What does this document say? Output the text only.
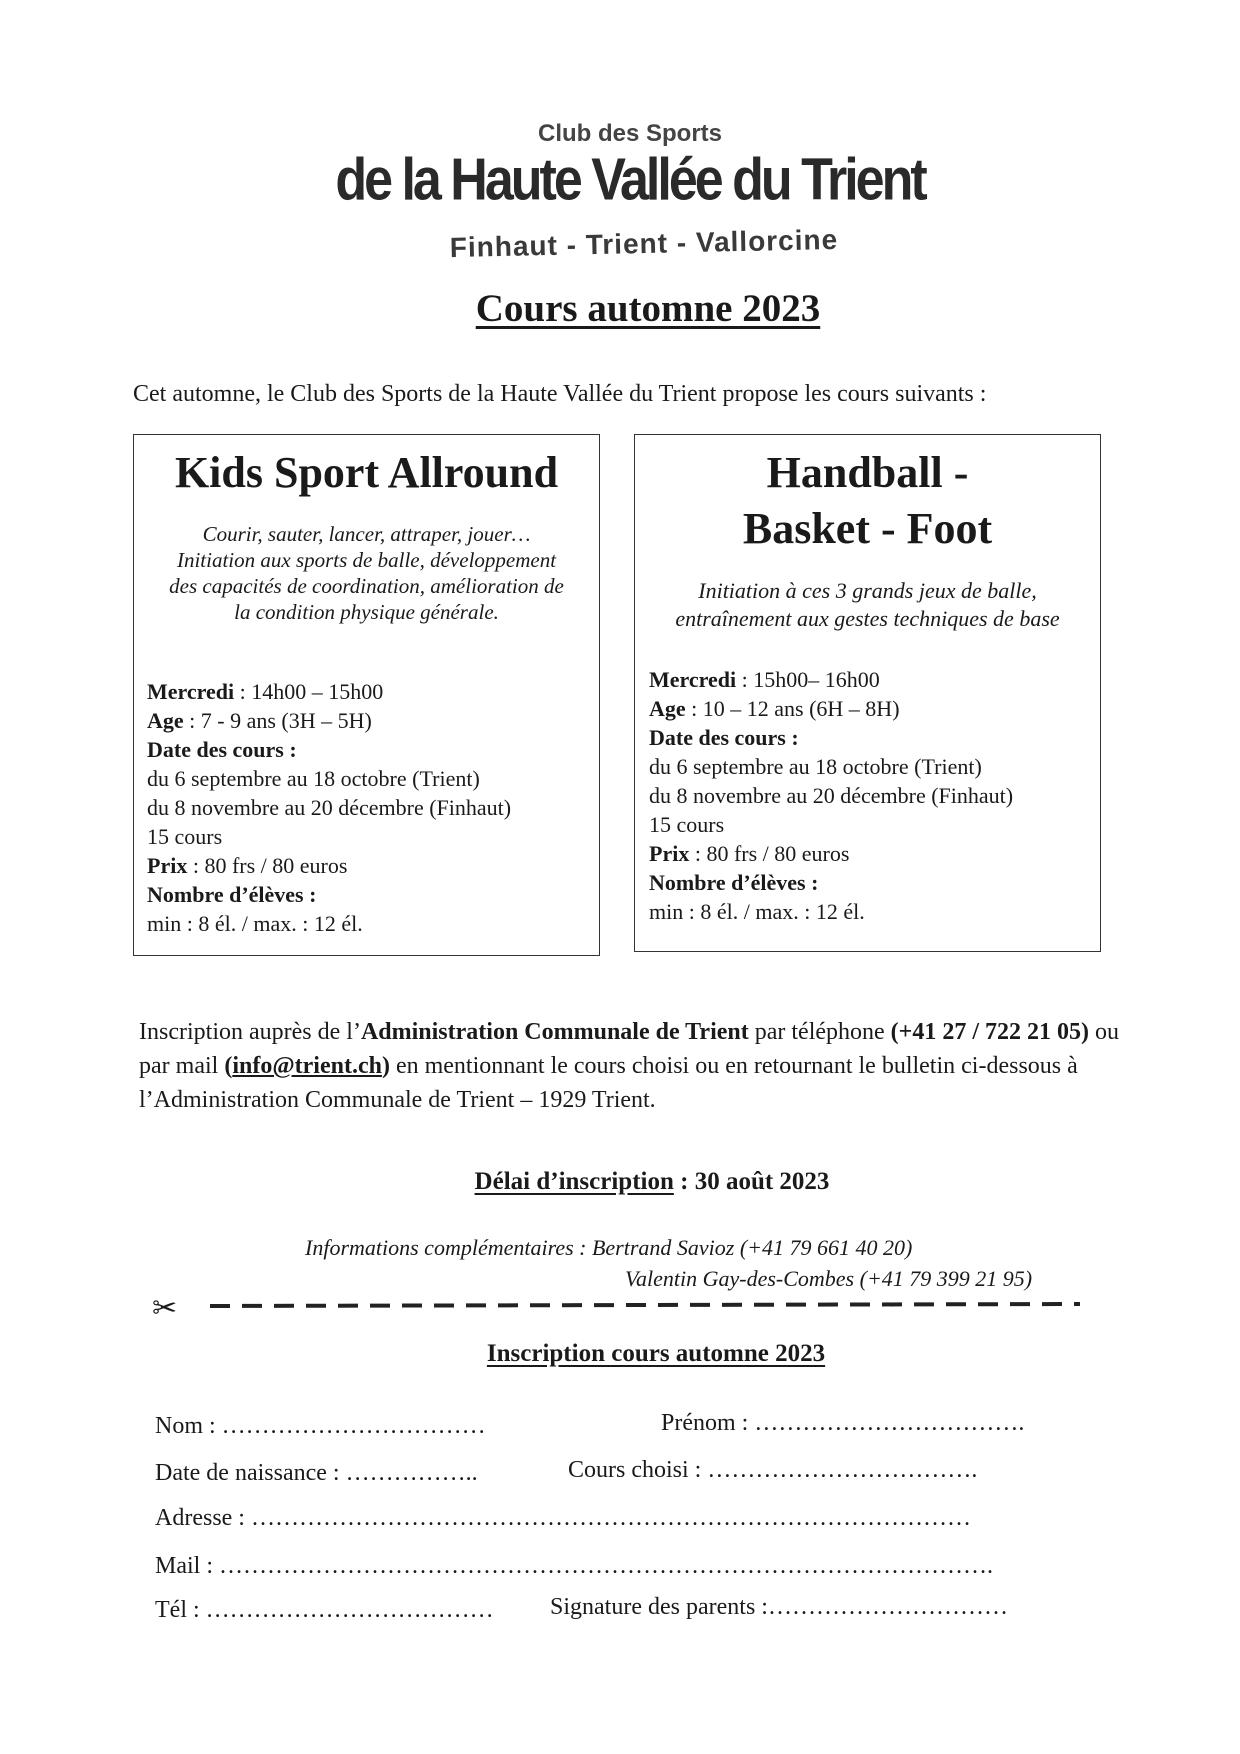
Club des Sports
de la Haute Vallée du Trient
Finhaut - Trient - Vallorcine
Cours automne 2023
Cet automne, le Club des Sports de la Haute Vallée du Trient propose les cours suivants :
Kids Sport Allround
Courir, sauter, lancer, attraper, jouer…
Initiation aux sports de balle, développement
des capacités de coordination, amélioration de
la condition physique générale.
Mercredi : 14h00 – 15h00
Age : 7 - 9 ans (3H – 5H)
Date des cours :
du 6 septembre au 18 octobre (Trient)
du 8 novembre au 20 décembre (Finhaut)
15 cours
Prix : 80 frs / 80 euros
Nombre d’élèves :
min : 8 él. / max. : 12 él.
Handball -
Basket - Foot
Initiation à ces 3 grands jeux de balle,
entraînement aux gestes techniques de base
Mercredi : 15h00– 16h00
Age : 10 – 12 ans (6H – 8H)
Date des cours :
du 6 septembre au 18 octobre (Trient)
du 8 novembre au 20 décembre (Finhaut)
15 cours
Prix : 80 frs / 80 euros
Nombre d’élèves :
min : 8 él. / max. : 12 él.
Inscription auprès de l’Administration Communale de Trient par téléphone (+41 27 / 722 21 05) ou par mail (info@trient.ch) en mentionnant le cours choisi ou en retournant le bulletin ci-dessous à l’Administration Communale de Trient – 1929 Trient.
Délai d’inscription : 30 août 2023
Informations complémentaires : Bertrand Savioz (+41 79 661 40 20)
Valentin Gay-des-Combes (+41 79 399 21 95)
✂
Inscription cours automne 2023
Nom : ……………………………	Prénom : …………………………….
Date de naissance : ……………..	Cours choisi : …………………………….
Adresse : ………………………………………………………………………………
Mail : …………………………………………………………………………………….
Tél : ……………………………… Signature des parents :…………………………
